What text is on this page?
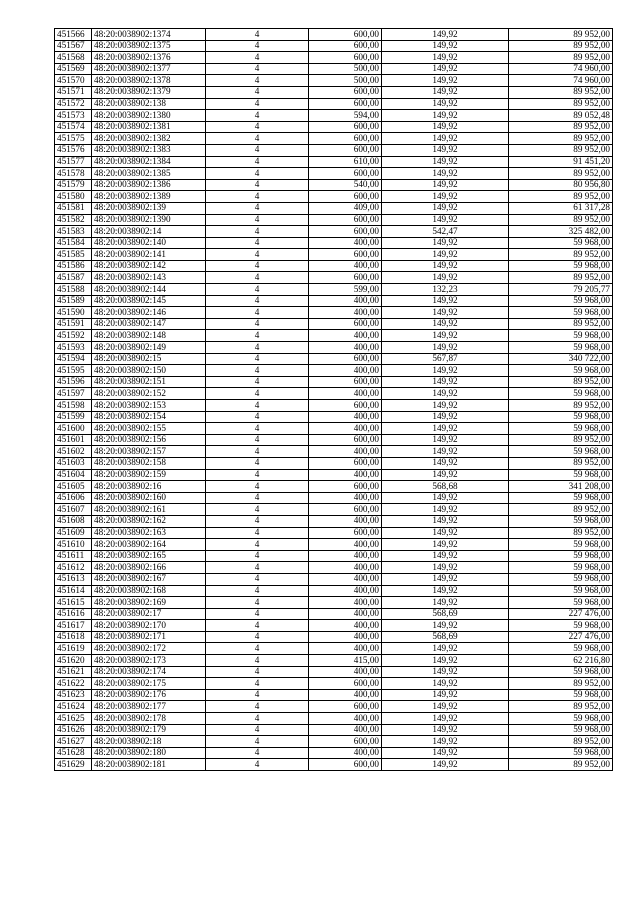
451566	48:20:0038902:1374	4	600,00	149,92	89 952,00
451567	48:20:0038902:1375	4	600,00	149,92	89 952,00
451568	48:20:0038902:1376	4	600,00	149,92	89 952,00
451569	48:20:0038902:1377	4	500,00	149,92	74 960,00
451570	48:20:0038902:1378	4	500,00	149,92	74 960,00
451571	48:20:0038902:1379	4	600,00	149,92	89 952,00
451572	48:20:0038902:138	4	600,00	149,92	89 952,00
451573	48:20:0038902:1380	4	594,00	149,92	89 052,48
451574	48:20:0038902:1381	4	600,00	149,92	89 952,00
451575	48:20:0038902:1382	4	600,00	149,92	89 952,00
451576	48:20:0038902:1383	4	600,00	149,92	89 952,00
451577	48:20:0038902:1384	4	610,00	149,92	91 451,20
451578	48:20:0038902:1385	4	600,00	149,92	89 952,00
451579	48:20:0038902:1386	4	540,00	149,92	80 956,80
451580	48:20:0038902:1389	4	600,00	149,92	89 952,00
451581	48:20:0038902:139	4	409,00	149,92	61 317,28
451582	48:20:0038902:1390	4	600,00	149,92	89 952,00
451583	48:20:0038902:14	4	600,00	542,47	325 482,00
451584	48:20:0038902:140	4	400,00	149,92	59 968,00
451585	48:20:0038902:141	4	600,00	149,92	89 952,00
451586	48:20:0038902:142	4	400,00	149,92	59 968,00
451587	48:20:0038902:143	4	600,00	149,92	89 952,00
451588	48:20:0038902:144	4	599,00	132,23	79 205,77
451589	48:20:0038902:145	4	400,00	149,92	59 968,00
451590	48:20:0038902:146	4	400,00	149,92	59 968,00
451591	48:20:0038902:147	4	600,00	149,92	89 952,00
451592	48:20:0038902:148	4	400,00	149,92	59 968,00
451593	48:20:0038902:149	4	400,00	149,92	59 968,00
451594	48:20:0038902:15	4	600,00	567,87	340 722,00
451595	48:20:0038902:150	4	400,00	149,92	59 968,00
451596	48:20:0038902:151	4	600,00	149,92	89 952,00
451597	48:20:0038902:152	4	400,00	149,92	59 968,00
451598	48:20:0038902:153	4	600,00	149,92	89 952,00
451599	48:20:0038902:154	4	400,00	149,92	59 968,00
451600	48:20:0038902:155	4	400,00	149,92	59 968,00
451601	48:20:0038902:156	4	600,00	149,92	89 952,00
451602	48:20:0038902:157	4	400,00	149,92	59 968,00
451603	48:20:0038902:158	4	600,00	149,92	89 952,00
451604	48:20:0038902:159	4	400,00	149,92	59 968,00
451605	48:20:0038902:16	4	600,00	568,68	341 208,00
451606	48:20:0038902:160	4	400,00	149,92	59 968,00
451607	48:20:0038902:161	4	600,00	149,92	89 952,00
451608	48:20:0038902:162	4	400,00	149,92	59 968,00
451609	48:20:0038902:163	4	600,00	149,92	89 952,00
451610	48:20:0038902:164	4	400,00	149,92	59 968,00
451611	48:20:0038902:165	4	400,00	149,92	59 968,00
451612	48:20:0038902:166	4	400,00	149,92	59 968,00
451613	48:20:0038902:167	4	400,00	149,92	59 968,00
451614	48:20:0038902:168	4	400,00	149,92	59 968,00
451615	48:20:0038902:169	4	400,00	149,92	59 968,00
451616	48:20:0038902:17	4	400,00	568,69	227 476,00
451617	48:20:0038902:170	4	400,00	149,92	59 968,00
451618	48:20:0038902:171	4	400,00	568,69	227 476,00
451619	48:20:0038902:172	4	400,00	149,92	59 968,00
451620	48:20:0038902:173	4	415,00	149,92	62 216,80
451621	48:20:0038902:174	4	400,00	149,92	59 968,00
451622	48:20:0038902:175	4	600,00	149,92	89 952,00
451623	48:20:0038902:176	4	400,00	149,92	59 968,00
451624	48:20:0038902:177	4	600,00	149,92	89 952,00
451625	48:20:0038902:178	4	400,00	149,92	59 968,00
451626	48:20:0038902:179	4	400,00	149,92	59 968,00
451627	48:20:0038902:18	4	600,00	149,92	89 952,00
451628	48:20:0038902:180	4	400,00	149,92	59 968,00
451629	48:20:0038902:181	4	600,00	149,92	89 952,00
